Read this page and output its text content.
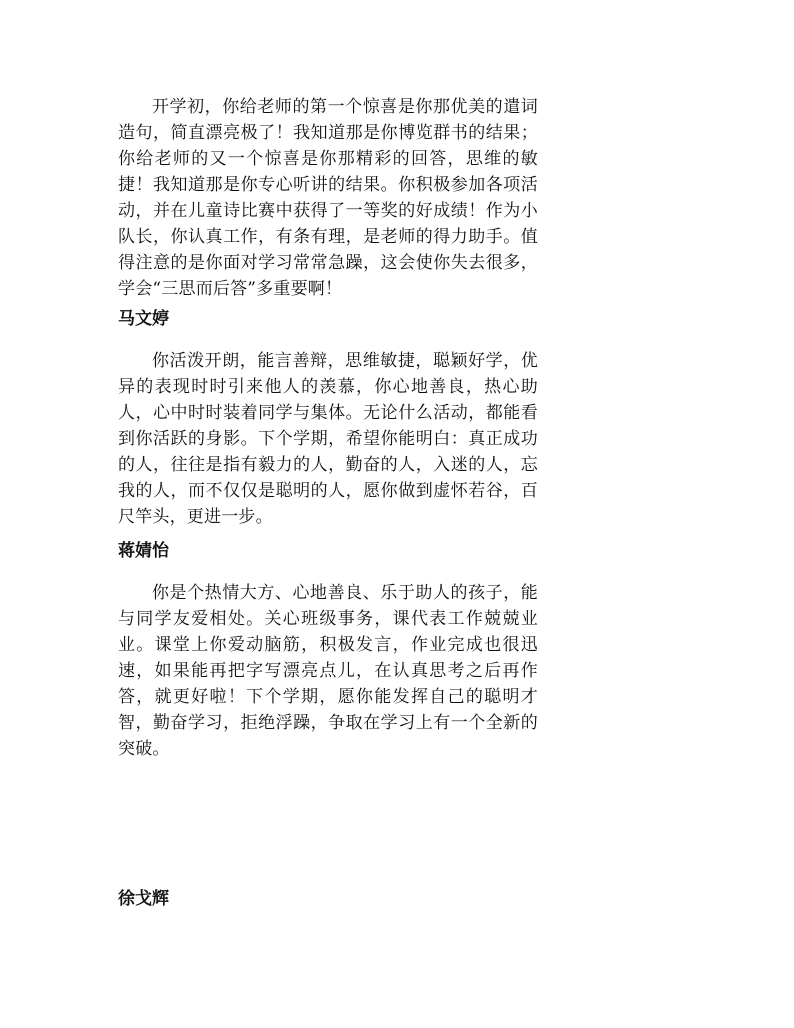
开学初，你给老师的第一个惊喜是你那优美的遣词造句，简直漂亮极了！我知道那是你博览群书的结果；你给老师的又一个惊喜是你那精彩的回答，思维的敏捷！我知道那是你专心听讲的结果。你积极参加各项活动，并在儿童诗比赛中获得了一等奖的好成绩！作为小队长，你认真工作，有条有理，是老师的得力助手。值得注意的是你面对学习常常急躁，这会使你失去很多，学会“三思而后答”多重要啊！

马文婷

你活泼开朗，能言善辩，思维敏捷，聪颖好学，优异的表现时时引来他人的羡慕，你心地善良，热心助人，心中时时装着同学与集体。无论什么活动，都能看到你活跃的身影。下个学期，希望你能明白：真正成功的人，往往是指有毅力的人，勤奋的人，入迷的人，忘我的人，而不仅仅是聪明的人，愿你做到虚怀若谷，百尺竿头，更进一步。

蒋婧怡

你是个热情大方、心地善良、乐于助人的孩子，能与同学友爱相处。关心班级事务，课代表工作兢兢业业。课堂上你爱动脑筋，积极发言，作业完成也很迅速，如果能再把字写漂亮点儿，在认真思考之后再作答，就更好啦！下个学期，愿你能发挥自己的聪明才智，勤奋学习，拒绝浮躁，争取在学习上有一个全新的突破。

徐戈辉
